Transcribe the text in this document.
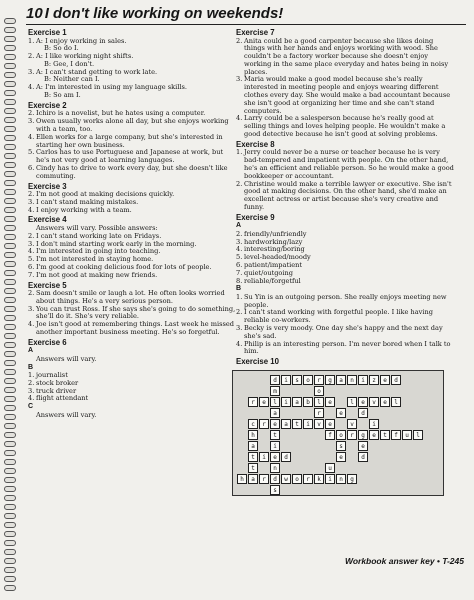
10 I don't like working on weekends!
Exercise 1
1. A: I enjoy working in sales.
B: So do I.
2. A: I like working night shifts.
B: Gee, I don't.
3. A: I can't stand getting to work late.
B: Neither can I.
4. A: I'm interested in using my language skills.
B: So am I.
Exercise 2
2. Ichiro is a novelist, but he hates using a computer.
3. Owen usually works alone all day, but she enjoys working with a team, too.
4. Ellen works for a large company, but she's interested in starting her own business.
5. Carlos has to use Portuguese and Japanese at work, but he's not very good at learning languages.
6. Cindy has to drive to work every day, but she doesn't like commuting.
Exercise 3
2. I'm not good at making decisions quickly.
3. I can't stand making mistakes.
4. I enjoy working with a team.
Exercise 4
Answers will vary. Possible answers:
2. I can't stand working late on Fridays.
3. I don't mind starting work early in the morning.
4. I'm interested in going into teaching.
5. I'm not interested in staying home.
6. I'm good at cooking delicious food for lots of people.
7. I'm not good at making new friends.
Exercise 5
2. Sam doesn't smile or laugh a lot. He often looks worried about things. He's a very serious person.
3. You can trust Ross. If she says she's going to do something, she'll do it. She's very reliable.
4. Joe isn't good at remembering things. Last week he missed another important business meeting. He's so forgetful.
Exercise 6
A
Answers will vary.
B
1. journalist
2. stock broker
3. truck driver
4. flight attendant
C
Answers will vary.
Exercise 7
2. Anita could be a good carpenter because she likes doing things with her hands and enjoys working with wood. She couldn't be a factory worker because she doesn't enjoy working in the same place everyday and hates being in noisy places.
3. Maria would make a good model because she's really interested in meeting people and enjoys wearing different clothes every day. She would make a bad accountant because she isn't good at organizing her time and she can't stand computers.
4. Larry could be a salesperson because he's really good at selling things and loves helping people. He wouldn't make a good detective because he isn't good at solving problems.
Exercise 8
1. Jerry could never be a nurse or teacher because he is very bad-tempered and impatient with people. On the other hand, he's an efficient and reliable person. So he would make a good bookkeeper or accountant.
2. Christine would make a terrible lawyer or executive. She isn't good at making decisions. On the other hand, she'd make an excellent actress or artist because she's very creative and funny.
Exercise 9
A
2. friendly/unfriendly
3. hardworking/lazy
4. interesting/boring
5. level-headed/moody
6. patient/impatient
7. quiet/outgoing
8. reliable/forgetful
B
1. Su Yin is an outgoing person. She really enjoys meeting new people.
2. I can't stand working with forgetful people. I like having reliable co-workers.
3. Becky is very moody. One day she's happy and the next day she's sad.
4. Philip is an interesting person. I'm never bored when I talk to him.
Exercise 10
d	i	s	o	r	g	a	n	i	z	e	d
m	o
r	e	l	i	a	b	l	e	l	e	v	e	l
a	r	e	d
c	r	e	a	t	i	v	e	v	i
h	t	f	o	r	g	e	t	f	u	l
a	i	s	e
t	i	e	d	e	d
t	n	u
h	a	r	d	w	o	r	k	i	n	g
s
Workbook answer key • T-245
